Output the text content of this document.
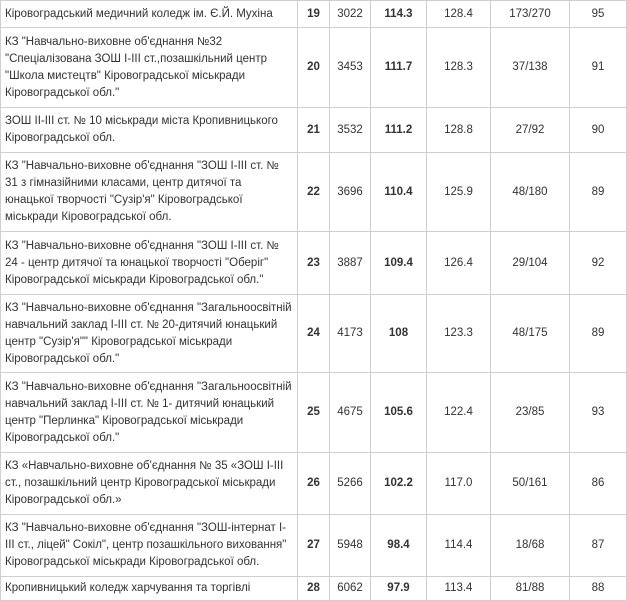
Кіровоградський медичний коледж ім. Є.Й. Мухіна	19	3022	114.3	128.4	173/270	95
КЗ "Навчально-виховне об'єднання №32 "Спеціалізована ЗОШ І-ІІІ ст.,позашкільний центр "Школа мистецтв" Кіровоградської міськради Кіровоградської обл."	20	3453	111.7	128.3	37/138	91
ЗОШ ІІ-ІІІ ст. № 10 міськради міста Кропивницького Кіровоградської обл.	21	3532	111.2	128.8	27/92	90
КЗ "Навчально-виховне об'єднання "ЗОШ І-ІІІ ст. № 31 з гімназійними класами, центр дитячої та юнацької творчості "Сузір'я" Кіровоградської міськради Кіровоградської обл.	22	3696	110.4	125.9	48/180	89
КЗ "Навчально-виховне об'єднання "ЗОШ І-ІІІ ст. № 24 - центр дитячої та юнацької творчості "Оберіг" Кіровоградської міськради Кіровоградської обл."	23	3887	109.4	126.4	29/104	92
КЗ "Навчально-виховне об'єднання "Загальноосвітній навчальний заклад І-ІІІ ст. № 20-дитячий юнацький центр "Сузір'я"" Кіровоградської міськради Кіровоградської обл."	24	4173	108	123.3	48/175	89
КЗ "Навчально-виховне об'єднання "Загальноосвітній навчальний заклад І-ІІІ ст. № 1- дитячий юнацький центр "Перлинка" Кіровоградської міськради Кіровоградської обл."	25	4675	105.6	122.4	23/85	93
КЗ «Навчально-виховне об'єднання № 35 «ЗОШ І-ІІІ ст., позашкільний центр Кіровоградської міськради Кіровоградської обл.»	26	5266	102.2	117.0	50/161	86
КЗ "Навчально-виховне об'єднання "ЗОШ-інтернат І-ІІІ ст., ліцей" Сокіл", центр позашкільного виховання" Кіровоградської міськради Кіровоградської обл.	27	5948	98.4	114.4	18/68	87
Кропивницький коледж харчування та торгівлі	28	6062	97.9	113.4	81/88	88
